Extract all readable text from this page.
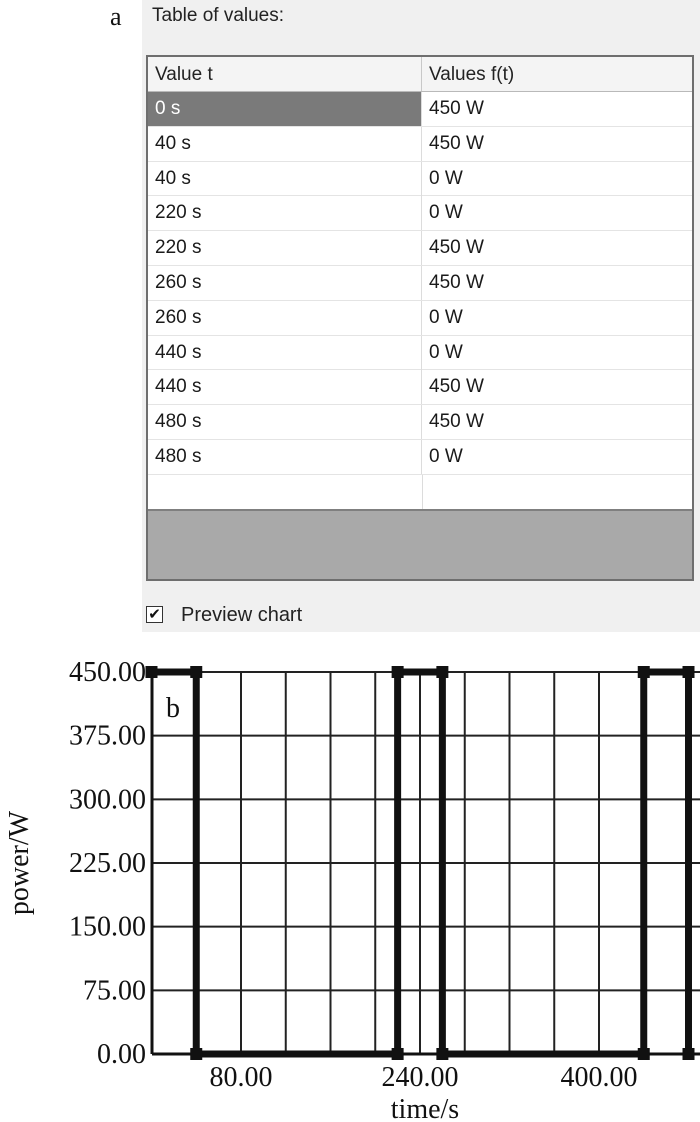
a Table of values:
Value t	Values f(t)
0 s	450 W
40 s	450 W
40 s	0 W
220 s	0 W
220 s	450 W
260 s	450 W
260 s	0 W
440 s	0 W
440 s	450 W
480 s	450 W
480 s	0 W
✔ Preview chart
0.00
75.00
150.00
225.00
300.00
375.00
450.00
80.00	240.00	400.00
time/s
power/W
b
